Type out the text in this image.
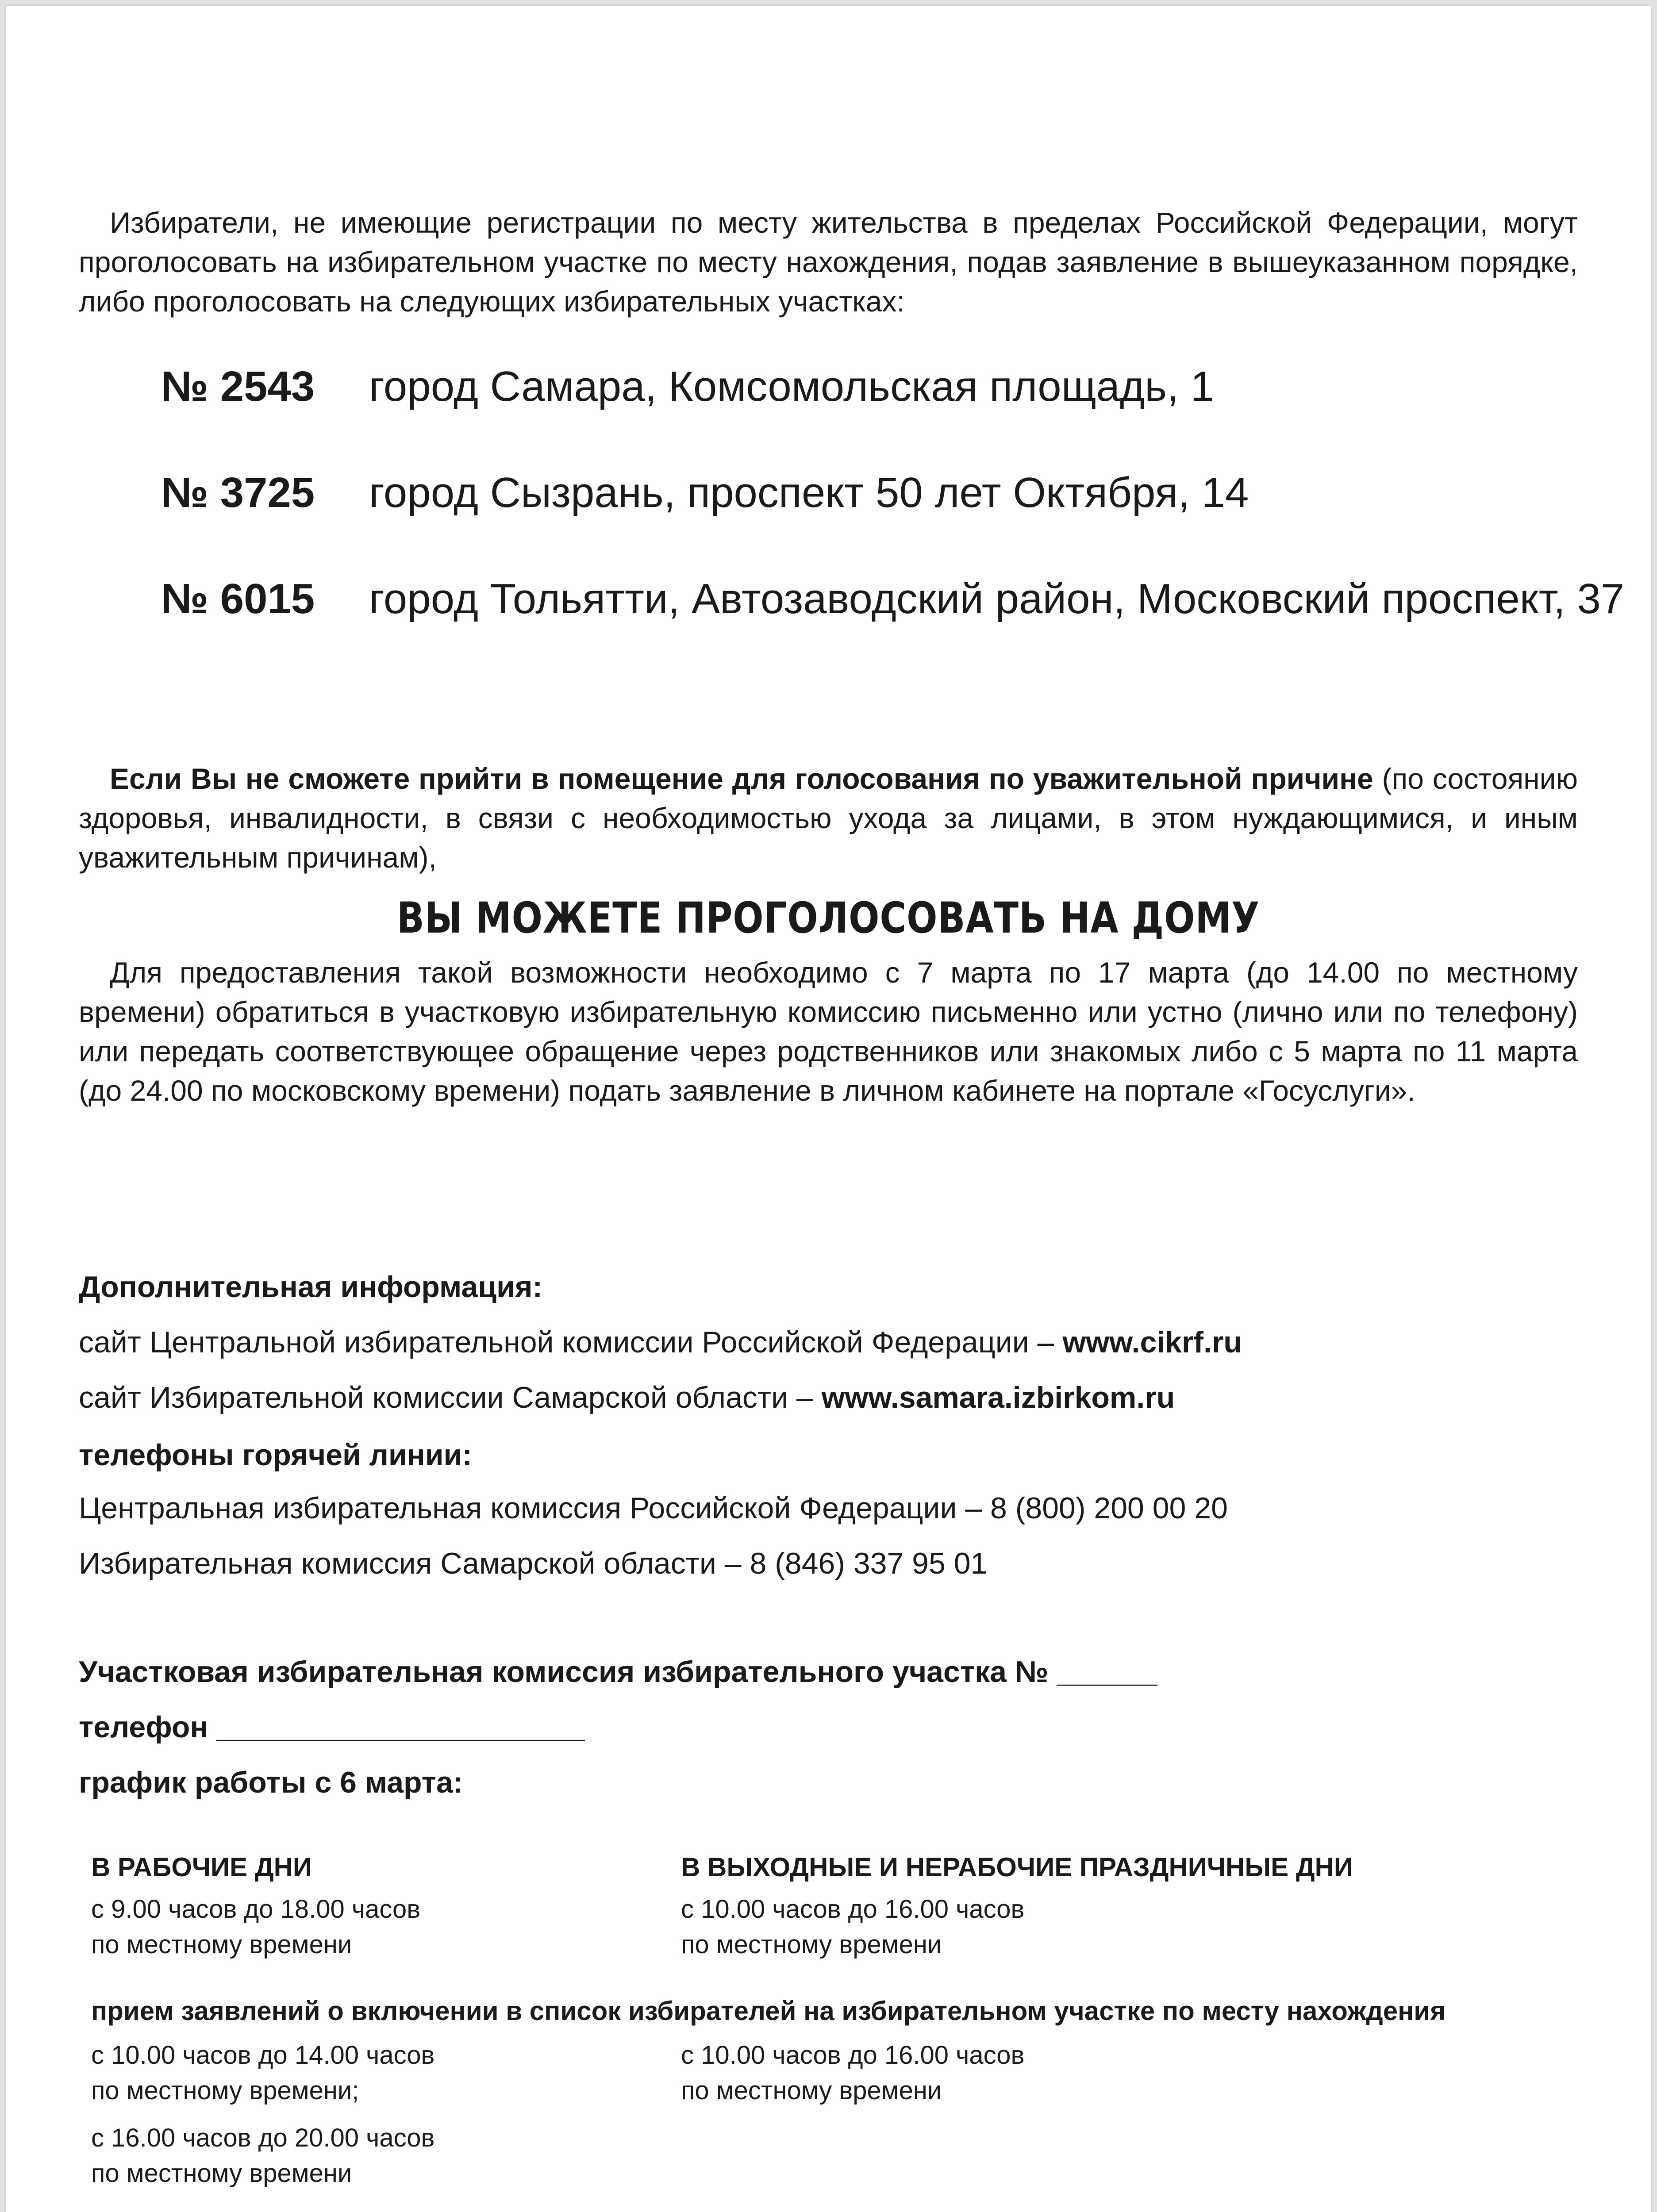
Избиратели, не имеющие регистрации по месту жительства в пределах Российской Федерации, могут проголосовать на избирательном участке по месту нахождения, подав заявление в вышеуказанном порядке, либо проголосовать на следующих избирательных участках:

№ 2543 город Самара, Комсомольская площадь, 1
№ 3725 город Сызрань, проспект 50 лет Октября, 14
№ 6015 город Тольятти, Автозаводский район, Московский проспект, 37

Если Вы не сможете прийти в помещение для голосования по уважительной причине (по состоянию здоровья, инвалидности, в связи с необходимостью ухода за лицами, в этом нуждающимися, и иным уважительным причинам),

ВЫ МОЖЕТЕ ПРОГОЛОСОВАТЬ НА ДОМУ

Для предоставления такой возможности необходимо с 7 марта по 17 марта (до 14.00 по местному времени) обратиться в участковую избирательную комиссию письменно или устно (лично или по телефону) или передать соответствующее обращение через родственников или знакомых либо с 5 марта по 11 марта (до 24.00 по московскому времени) подать заявление в личном кабинете на портале «Госуслуги».

Дополнительная информация:
сайт Центральной избирательной комиссии Российской Федерации – www.cikrf.ru
сайт Избирательной комиссии Самарской области – www.samara.izbirkom.ru
телефоны горячей линии:
Центральная избирательная комиссия Российской Федерации – 8 (800) 200 00 20
Избирательная комиссия Самарской области – 8 (846) 337 95 01
Участковая избирательная комиссия избирательного участка № ______
телефон ______________________
график работы с 6 марта:
В РАБОЧИЕ ДНИ
с 9.00 часов до 18.00 часов
по местному времени
В ВЫХОДНЫЕ И НЕРАБОЧИЕ ПРАЗДНИЧНЫЕ ДНИ
с 10.00 часов до 16.00 часов
по местному времени
прием заявлений о включении в список избирателей на избирательном участке по месту нахождения
с 10.00 часов до 14.00 часов
по местному времени;
с 16.00 часов до 20.00 часов
по местному времени
с 10.00 часов до 16.00 часов
по местному времени
